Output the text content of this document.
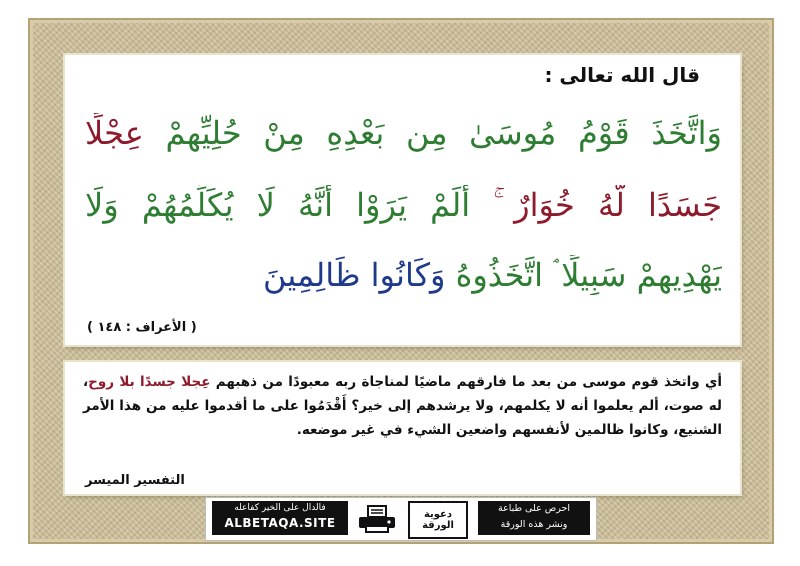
قال الله تعالى :
وَاتَّخَذَ قَوْمُ مُوسَىٰ مِن بَعْدِهِ مِنْ حُلِيِّهِمْ عِجْلًا
جَسَدًا لَّهُ خُوَارٌ ۚ أَلَمْ يَرَوْا أَنَّهُ لَا يُكَلِّمُهُمْ وَلَا
يَهْدِيهِمْ سَبِيلًا ۘ اتَّخَذُوهُ وَكَانُوا ظَالِمِينَ
( الأعراف : ١٤٨ )
أي واتخذ قوم موسى من بعد ما فارقهم ماضيًا لمناجاة ربه معبودًا من ذهبهم عِجلا جسدًا بلا روح، له صوت، ألم يعلموا أنه لا يكلمهم، ولا يرشدهم إلى خير؟ أَقْدَمُوا على ما أقدموا عليه من هذا الأمر الشنيع، وكانوا ظالمين لأنفسهم واضعين الشيء في غير موضعه.
التفسير الميسر
فالدال على الخير كفاعله
ALBETAQA.SITE
دعوية
الورقة
احرص على طباعة
ونشر هذه الورقة
